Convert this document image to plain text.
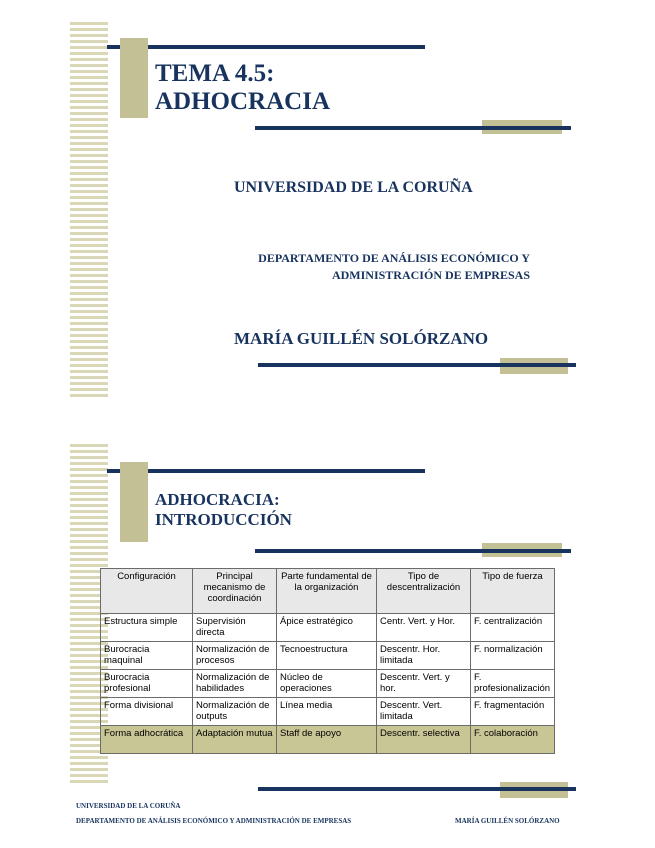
TEMA 4.5:
ADHOCRACIA
UNIVERSIDAD DE LA CORUÑA
DEPARTAMENTO DE ANÁLISIS ECONÓMICO Y
ADMINISTRACIÓN DE EMPRESAS
MARÍA GUILLÉN SOLÓRZANO
ADHOCRACIA:
INTRODUCCIÓN
Configuración	Principal mecanismo de coordinación	Parte fundamental de la organización	Tipo de descentralización	Tipo de fuerza
Estructura simple	Supervisión directa	Ápice estratégico	Centr. Vert. y Hor.	F. centralización
Burocracia maquinal	Normalización de procesos	Tecnoestructura	Descentr. Hor. limitada	F. normalización
Burocracia profesional	Normalización de habilidades	Núcleo de operaciones	Descentr. Vert. y hor.	F. profesionalización
Forma divisional	Normalización de outputs	Línea media	Descentr. Vert. limitada	F. fragmentación
Forma adhocrática	Adaptación mutua	Staff de apoyo	Descentr. selectiva	F. colaboración
UNIVERSIDAD DE LA CORUÑA
DEPARTAMENTO DE ANÁLISIS ECONÓMICO Y ADMINISTRACIÓN DE EMPRESAS	MARÍA GUILLÉN SOLÓRZANO
